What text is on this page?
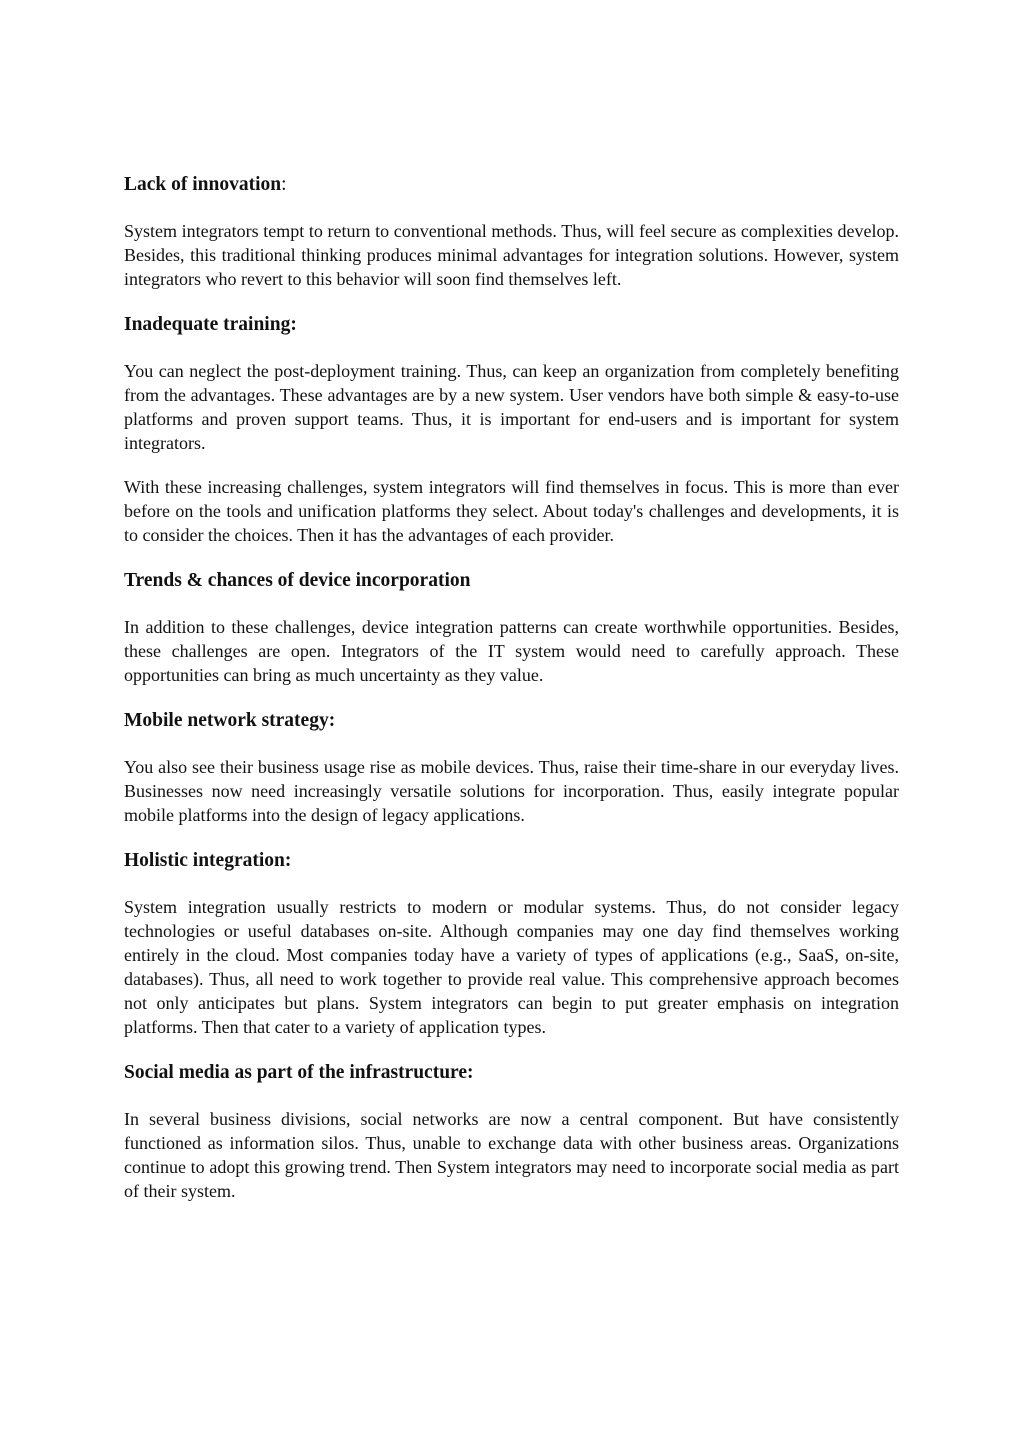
Lack of innovation:

System integrators tempt to return to conventional methods. Thus, will feel secure as complexities develop. Besides, this traditional thinking produces minimal advantages for integration solutions. However, system integrators who revert to this behavior will soon find themselves left.

Inadequate training:

You can neglect the post-deployment training. Thus, can keep an organization from completely benefiting from the advantages. These advantages are by a new system. User vendors have both simple & easy-to-use platforms and proven support teams. Thus, it is important for end-users and is important for system integrators.

With these increasing challenges, system integrators will find themselves in focus. This is more than ever before on the tools and unification platforms they select. About today's challenges and developments, it is to consider the choices. Then it has the advantages of each provider.

Trends & chances of device incorporation

In addition to these challenges, device integration patterns can create worthwhile opportunities. Besides, these challenges are open. Integrators of the IT system would need to carefully approach. These opportunities can bring as much uncertainty as they value.

Mobile network strategy:

You also see their business usage rise as mobile devices. Thus, raise their time-share in our everyday lives. Businesses now need increasingly versatile solutions for incorporation. Thus, easily integrate popular mobile platforms into the design of legacy applications.

Holistic integration:

System integration usually restricts to modern or modular systems. Thus, do not consider legacy technologies or useful databases on-site. Although companies may one day find themselves working entirely in the cloud. Most companies today have a variety of types of applications (e.g., SaaS, on-site, databases). Thus, all need to work together to provide real value. This comprehensive approach becomes not only anticipates but plans. System integrators can begin to put greater emphasis on integration platforms. Then that cater to a variety of application types.

Social media as part of the infrastructure:

In several business divisions, social networks are now a central component. But have consistently functioned as information silos. Thus, unable to exchange data with other business areas. Organizations continue to adopt this growing trend. Then System integrators may need to incorporate social media as part of their system.
